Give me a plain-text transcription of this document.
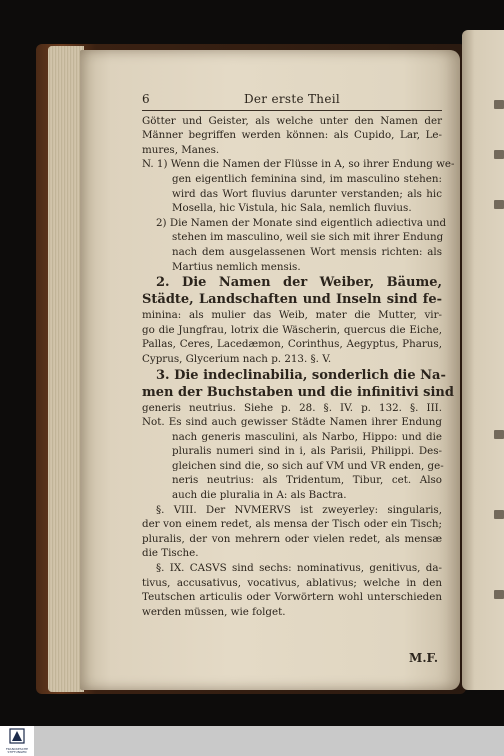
6	Der erste Theil
Götter und Geister, als welche unter den Namen der
Männer begriffen werden können: als Cupido, Lar, Le-
mures, Manes.
N. 1) Wenn die Namen der Flüsse in A, so ihrer Endung we-
gen eigentlich feminina sind, im masculino stehen:
wird das Wort fluvius darunter verstanden; als hic
Mosella, hic Vistula, hic Sala, nemlich fluvius.
2) Die Namen der Monate sind eigentlich adiectiva und
stehen im masculino, weil sie sich mit ihrer Endung
nach dem ausgelassenen Wort mensis richten: als
Martius nemlich mensis.
2. Die Namen der Weiber, Bäume,
Städte, Landschaften und Inseln sind fe-
minina: als mulier das Weib, mater die Mutter, vir-
go die Jungfrau, lotrix die Wäscherin, quercus die Eiche,
Pallas, Ceres, Lacedæmon, Corinthus, Aegyptus, Pharus,
Cyprus, Glycerium nach p. 213. §. V.
3. Die indeclinabilia, sonderlich die Na-
men der Buchstaben und die infinitivi sind
generis neutrius. Siehe p. 28. §. IV. p. 132. §. III.
Not. Es sind auch gewisser Städte Namen ihrer Endung
nach generis masculini, als Narbo, Hippo: und die
pluralis numeri sind in i, als Parisii, Philippi. Des-
gleichen sind die, so sich auf VM und VR enden, ge-
neris neutrius: als Tridentum, Tibur, cet. Also
auch die pluralia in A: als Bactra.
§. VIII. Der NVMERVS ist zweyerley: singularis,
der von einem redet, als mensa der Tisch oder ein Tisch;
pluralis, der von mehrern oder vielen redet, als mensæ
die Tische.
§. IX. CASVS sind sechs: nominativus, genitivus, da-
tivus, accusativus, vocativus, ablativus; welche in den
Teutschen articulis oder Vorwörtern wohl unterschieden
werden müssen, wie folget.
M.F.
FRANCKESCHE STIFTUNGEN
